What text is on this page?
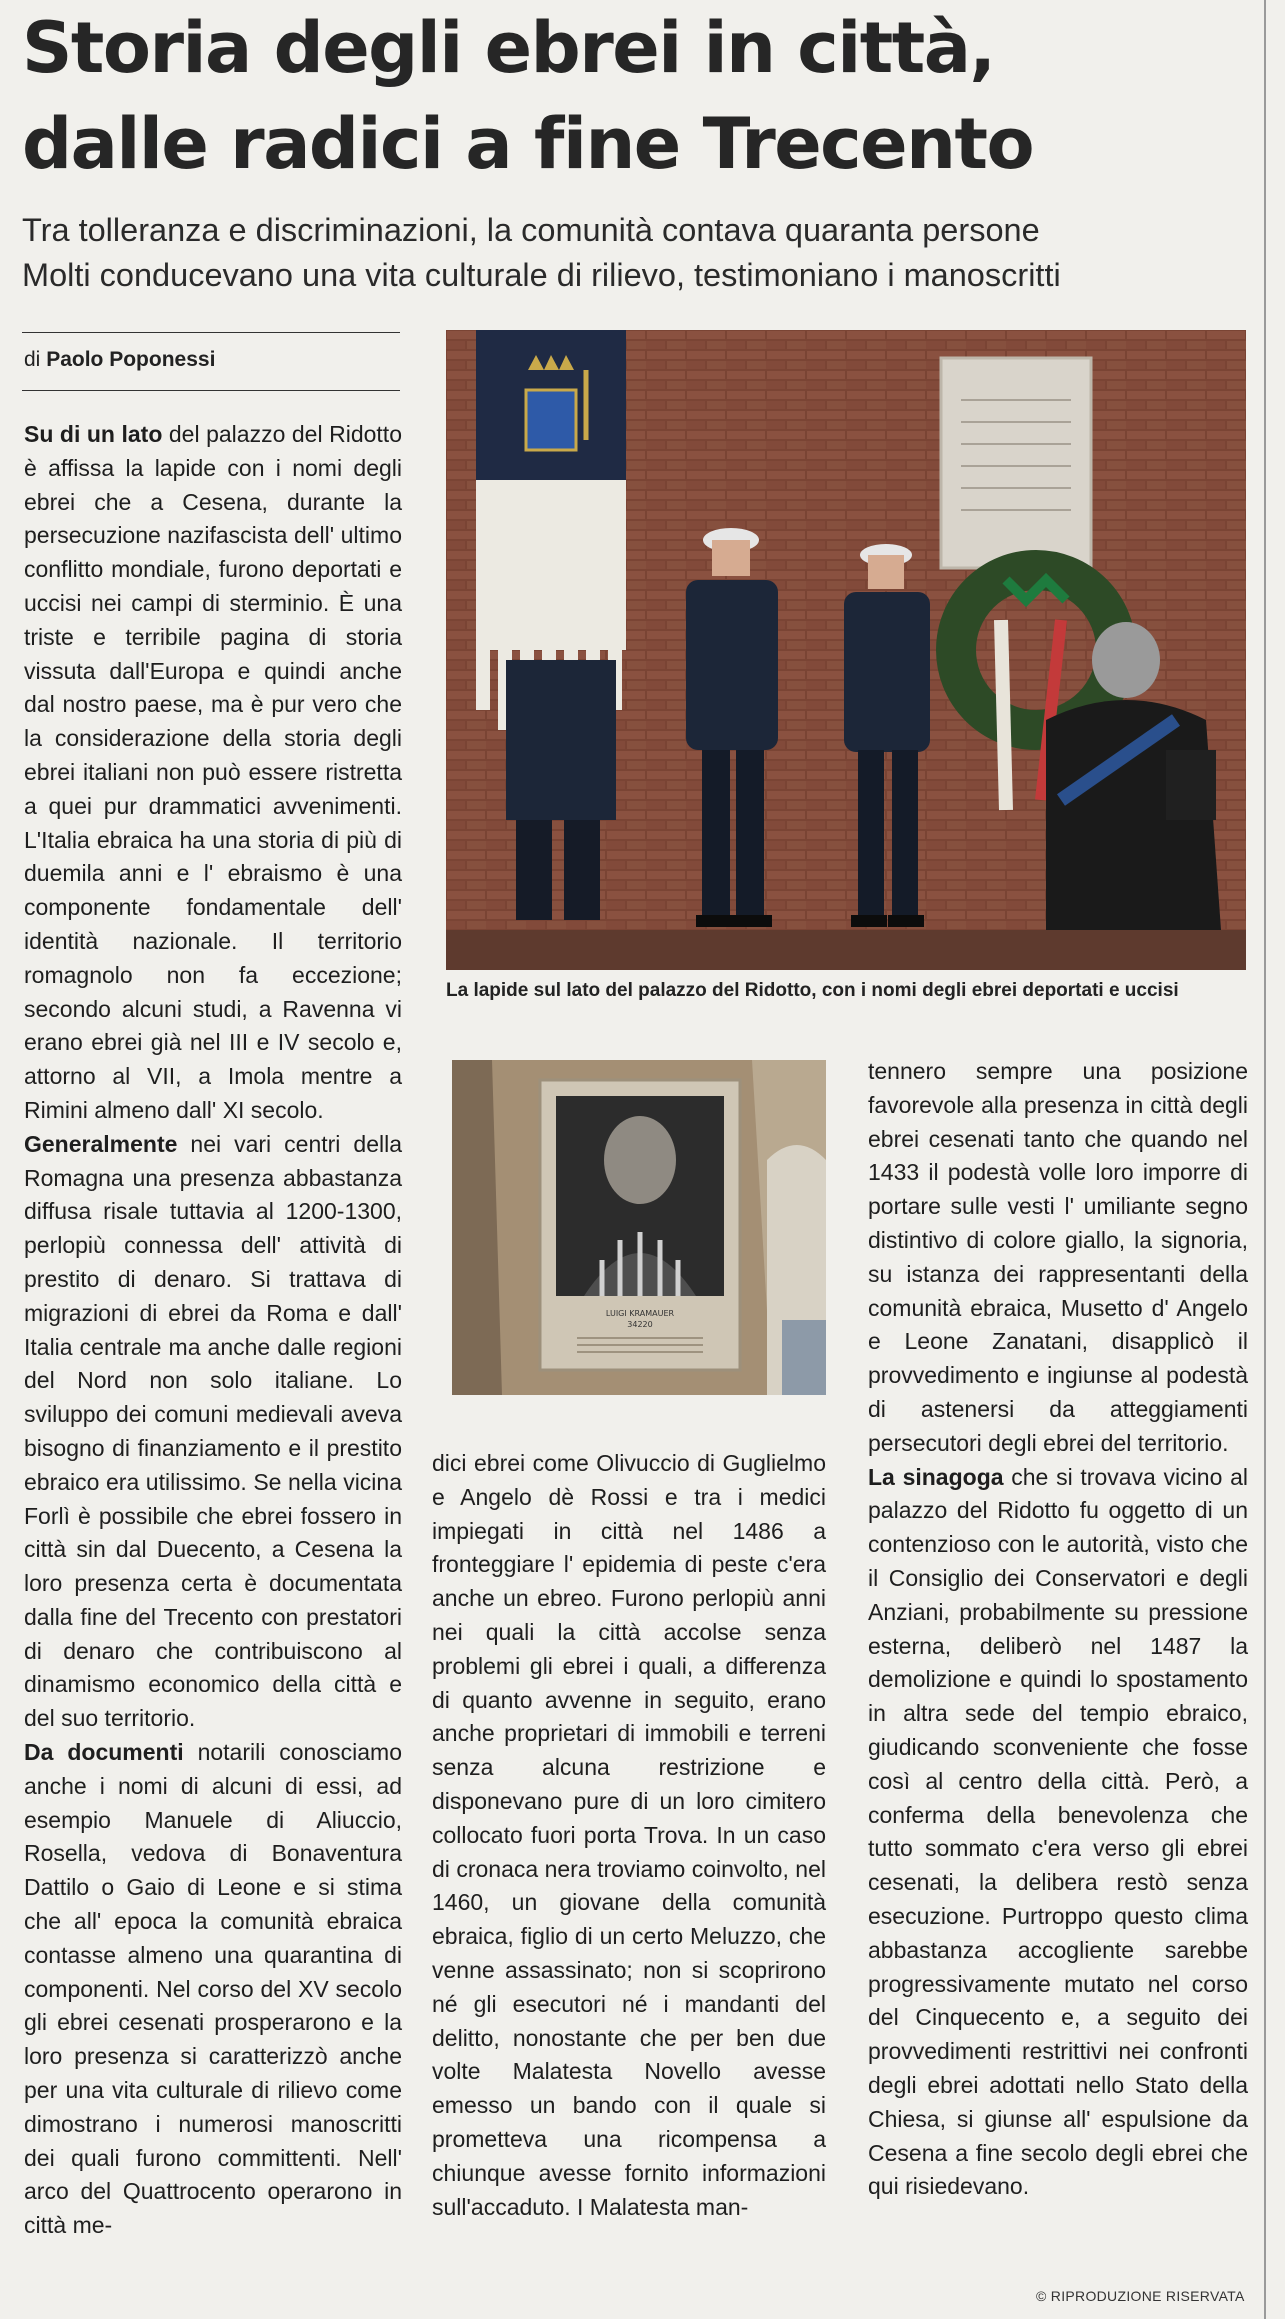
Storia degli ebrei in città,
dalle radici a fine Trecento
Tra tolleranza e discriminazioni, la comunità contava quaranta persone
Molti conducevano una vita culturale di rilievo, testimoniano i manoscritti
di Paolo Poponessi

Su di un lato del palazzo del Ridotto è affissa la lapide con i nomi degli ebrei che a Cesena, durante la persecuzione nazifascista dell' ultimo conflitto mondiale, furono deportati e uccisi nei campi di sterminio. È una triste e terribile pagina di storia vissuta dall'Europa e quindi anche dal nostro paese, ma è pur vero che la considerazione della storia degli ebrei italiani non può essere ristretta a quei pur drammatici avvenimenti. L'Italia ebraica ha una storia di più di duemila anni e l' ebraismo è una componente fondamentale dell' identità nazionale. Il territorio romagnolo non fa eccezione; secondo alcuni studi, a Ravenna vi erano ebrei già nel III e IV secolo e, attorno al VII, a Imola mentre a Rimini almeno dall' XI secolo.

Generalmente nei vari centri della Romagna una presenza abbastanza diffusa risale tuttavia al 1200-1300, perlopiù connessa dell' attività di prestito di denaro. Si trattava di migrazioni di ebrei da Roma e dall' Italia centrale ma anche dalle regioni del Nord non solo italiane. Lo sviluppo dei comuni medievali aveva bisogno di finanziamento e il prestito ebraico era utilissimo. Se nella vicina Forlì è possibile che ebrei fossero in città sin dal Duecento, a Cesena la loro presenza certa è documentata dalla fine del Trecento con prestatori di denaro che contribuiscono al dinamismo economico della città e del suo territorio.

Da documenti notarili conosciamo anche i nomi di alcuni di essi, ad esempio Manuele di Aliuccio, Rosella, vedova di Bonaventura Dattilo o Gaio di Leone e si stima che all' epoca la comunità ebraica contasse almeno una quarantina di componenti. Nel corso del XV secolo gli ebrei cesenati prosperarono e la loro presenza si caratterizzò anche per una vita culturale di rilievo come dimostrano i numerosi manoscritti dei quali furono committenti. Nell' arco del Quattrocento operarono in città me-

La lapide sul lato del palazzo del Ridotto, con i nomi degli ebrei deportati e uccisi
LUIGI KRAMAUER
34220

dici ebrei come Olivuccio di Guglielmo e Angelo dè Rossi e tra i medici impiegati in città nel 1486 a fronteggiare l' epidemia di peste c'era anche un ebreo. Furono perlopiù anni nei quali la città accolse senza problemi gli ebrei i quali, a differenza di quanto avvenne in seguito, erano anche proprietari di immobili e terreni senza alcuna restrizione e disponevano pure di un loro cimitero collocato fuori porta Trova. In un caso di cronaca nera troviamo coinvolto, nel 1460, un giovane della comunità ebraica, figlio di un certo Meluzzo, che venne assassinato; non si scoprirono né gli esecutori né i mandanti del delitto, nonostante che per ben due volte Malatesta Novello avesse emesso un bando con il quale si prometteva una ricompensa a chiunque avesse fornito informazioni sull'accaduto. I Malatesta man-

tennero sempre una posizione favorevole alla presenza in città degli ebrei cesenati tanto che quando nel 1433 il podestà volle loro imporre di portare sulle vesti l' umiliante segno distintivo di colore giallo, la signoria, su istanza dei rappresentanti della comunità ebraica, Musetto d' Angelo e Leone Zanatani, disapplicò il provvedimento e ingiunse al podestà di astenersi da atteggiamenti persecutori degli ebrei del territorio.

La sinagoga che si trovava vicino al palazzo del Ridotto fu oggetto di un contenzioso con le autorità, visto che il Consiglio dei Conservatori e degli Anziani, probabilmente su pressione esterna, deliberò nel 1487 la demolizione e quindi lo spostamento in altra sede del tempio ebraico, giudicando sconveniente che fosse così al centro della città. Però, a conferma della benevolenza che tutto sommato c'era verso gli ebrei cesenati, la delibera restò senza esecuzione. Purtroppo questo clima abbastanza accogliente sarebbe progressivamente mutato nel corso del Cinquecento e, a seguito dei provvedimenti restrittivi nei confronti degli ebrei adottati nello Stato della Chiesa, si giunse all' espulsione da Cesena a fine secolo degli ebrei che qui risiedevano.

© RIPRODUZIONE RISERVATA
